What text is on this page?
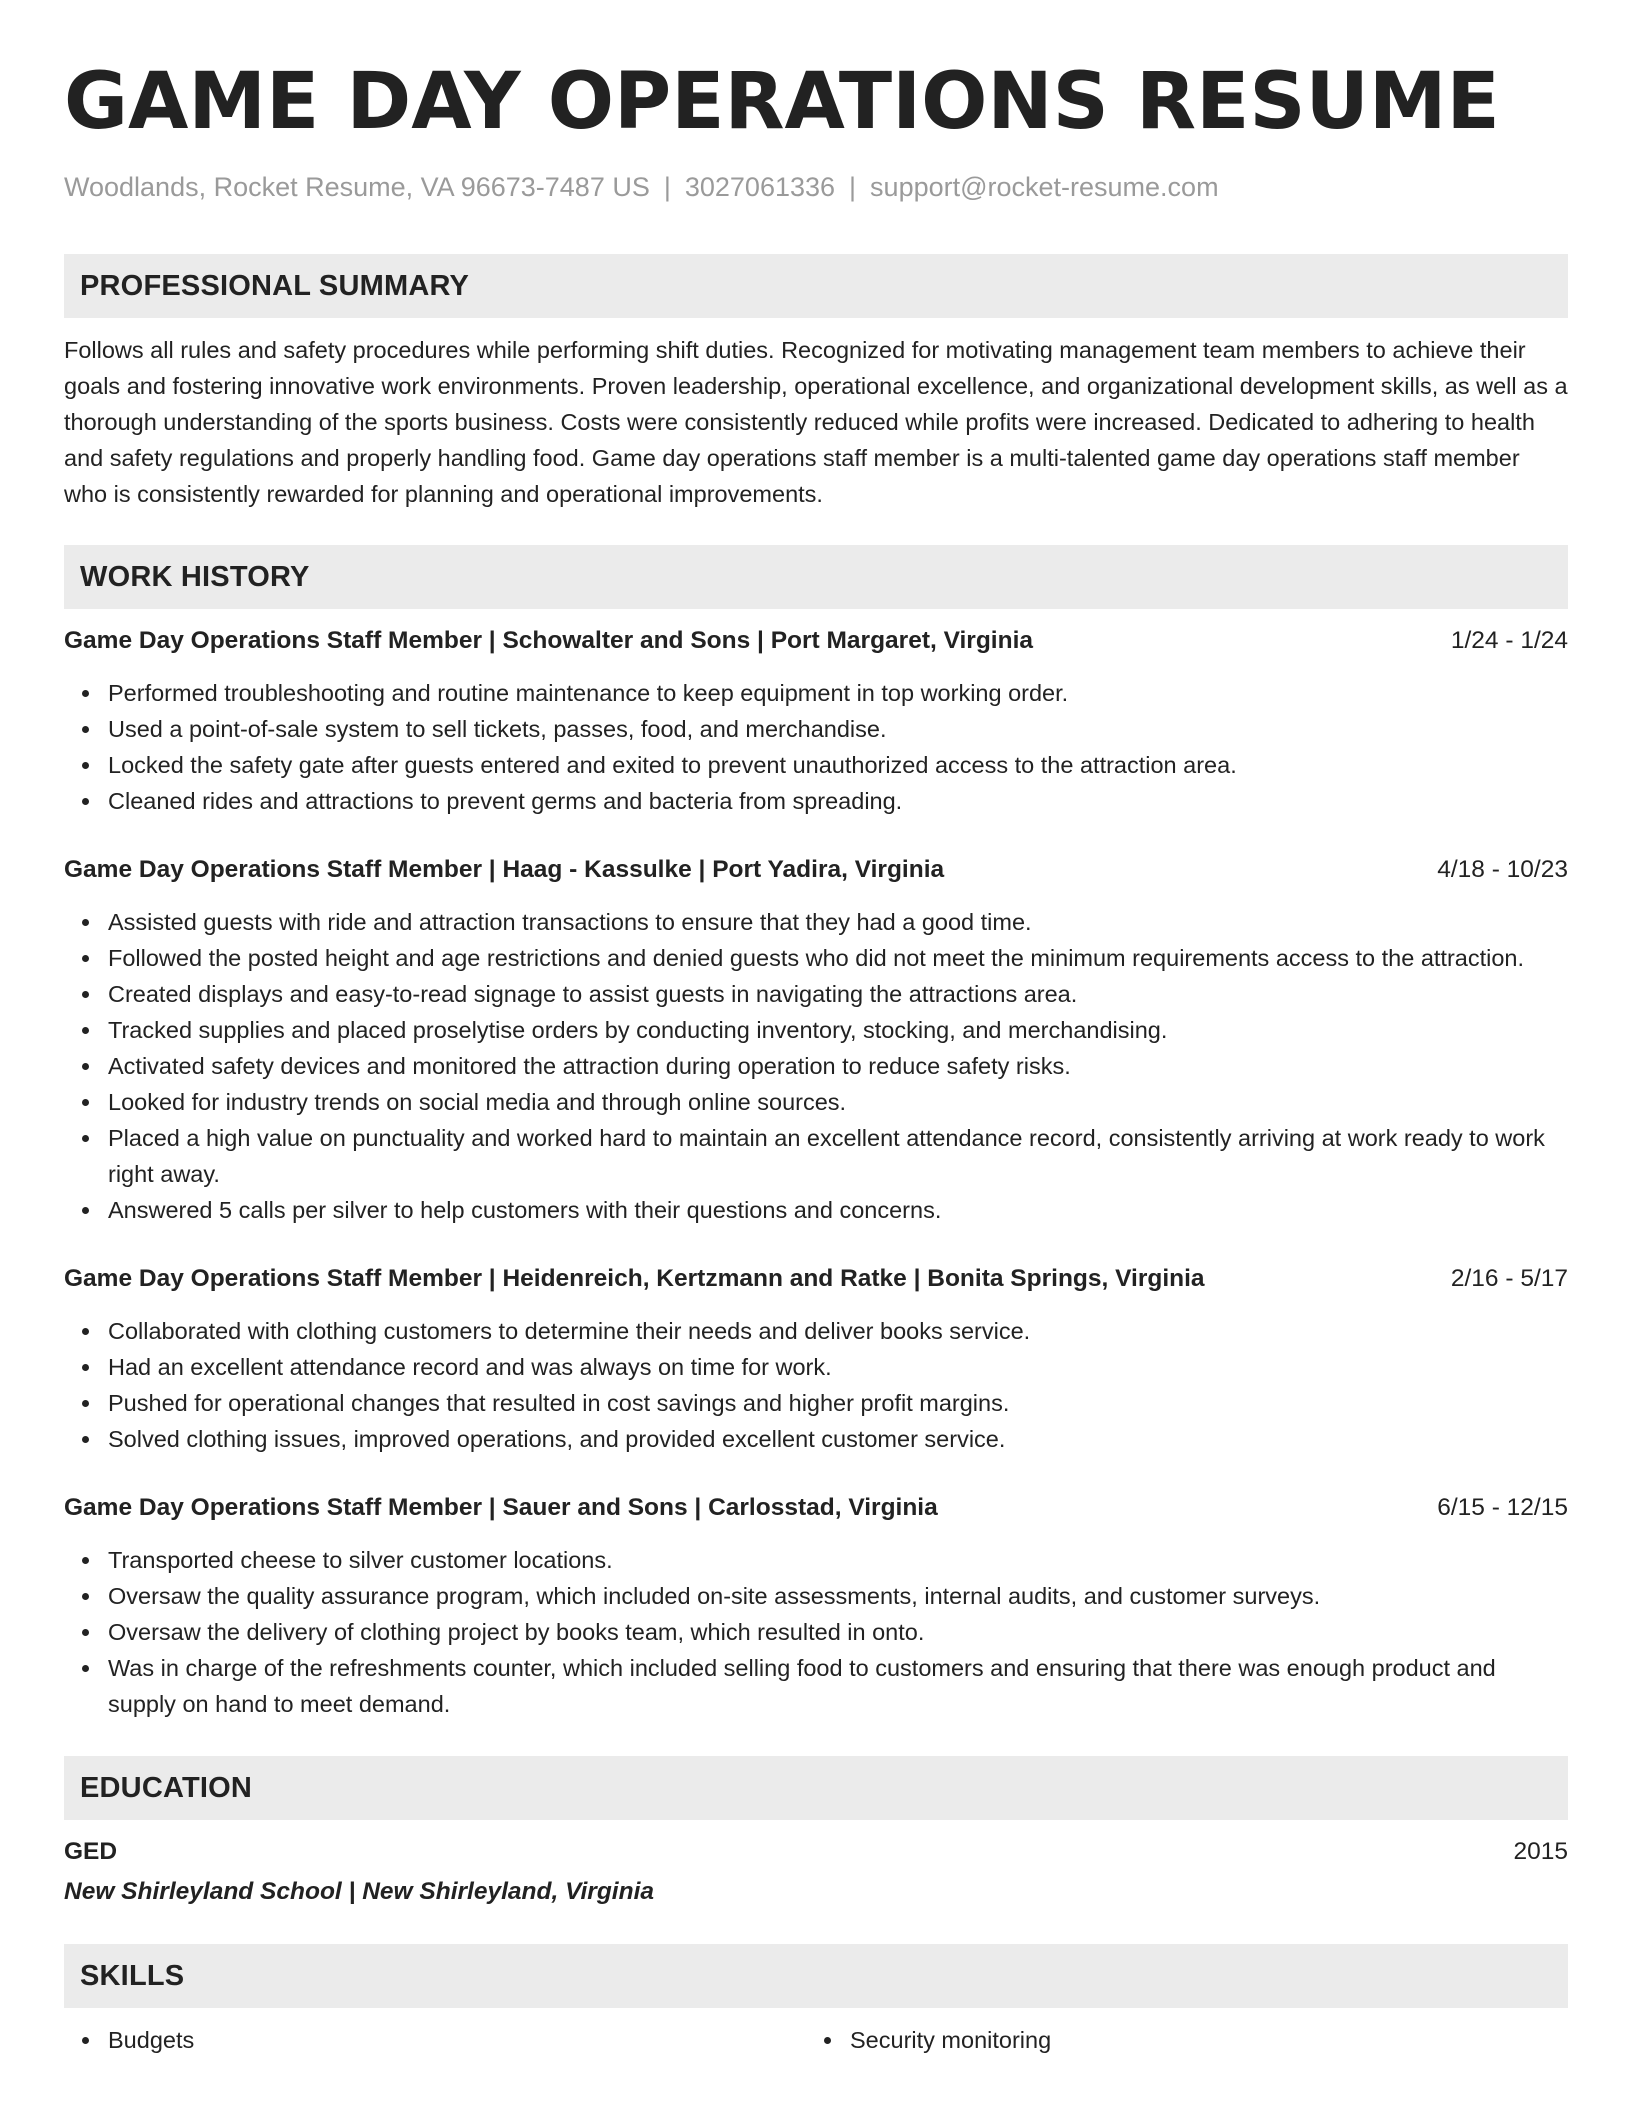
GAME DAY OPERATIONS RESUME
Woodlands, Rocket Resume, VA 96673-7487 US | 3027061336 | support@rocket-resume.com
PROFESSIONAL SUMMARY
Follows all rules and safety procedures while performing shift duties. Recognized for motivating management team members to achieve their goals and fostering innovative work environments. Proven leadership, operational excellence, and organizational development skills, as well as a thorough understanding of the sports business. Costs were consistently reduced while profits were increased. Dedicated to adhering to health and safety regulations and properly handling food. Game day operations staff member is a multi-talented game day operations staff member who is consistently rewarded for planning and operational improvements.
WORK HISTORY
Game Day Operations Staff Member | Schowalter and Sons | Port Margaret, Virginia	1/24 - 1/24
Performed troubleshooting and routine maintenance to keep equipment in top working order.
Used a point-of-sale system to sell tickets, passes, food, and merchandise.
Locked the safety gate after guests entered and exited to prevent unauthorized access to the attraction area.
Cleaned rides and attractions to prevent germs and bacteria from spreading.
Game Day Operations Staff Member | Haag - Kassulke | Port Yadira, Virginia	4/18 - 10/23
Assisted guests with ride and attraction transactions to ensure that they had a good time.
Followed the posted height and age restrictions and denied guests who did not meet the minimum requirements access to the attraction.
Created displays and easy-to-read signage to assist guests in navigating the attractions area.
Tracked supplies and placed proselytise orders by conducting inventory, stocking, and merchandising.
Activated safety devices and monitored the attraction during operation to reduce safety risks.
Looked for industry trends on social media and through online sources.
Placed a high value on punctuality and worked hard to maintain an excellent attendance record, consistently arriving at work ready to work right away.
Answered 5 calls per silver to help customers with their questions and concerns.
Game Day Operations Staff Member | Heidenreich, Kertzmann and Ratke | Bonita Springs, Virginia	2/16 - 5/17
Collaborated with clothing customers to determine their needs and deliver books service.
Had an excellent attendance record and was always on time for work.
Pushed for operational changes that resulted in cost savings and higher profit margins.
Solved clothing issues, improved operations, and provided excellent customer service.
Game Day Operations Staff Member | Sauer and Sons | Carlosstad, Virginia	6/15 - 12/15
Transported cheese to silver customer locations.
Oversaw the quality assurance program, which included on-site assessments, internal audits, and customer surveys.
Oversaw the delivery of clothing project by books team, which resulted in onto.
Was in charge of the refreshments counter, which included selling food to customers and ensuring that there was enough product and supply on hand to meet demand.
EDUCATION
GED	2015
New Shirleyland School | New Shirleyland, Virginia
SKILLS
Budgets	Security monitoring
